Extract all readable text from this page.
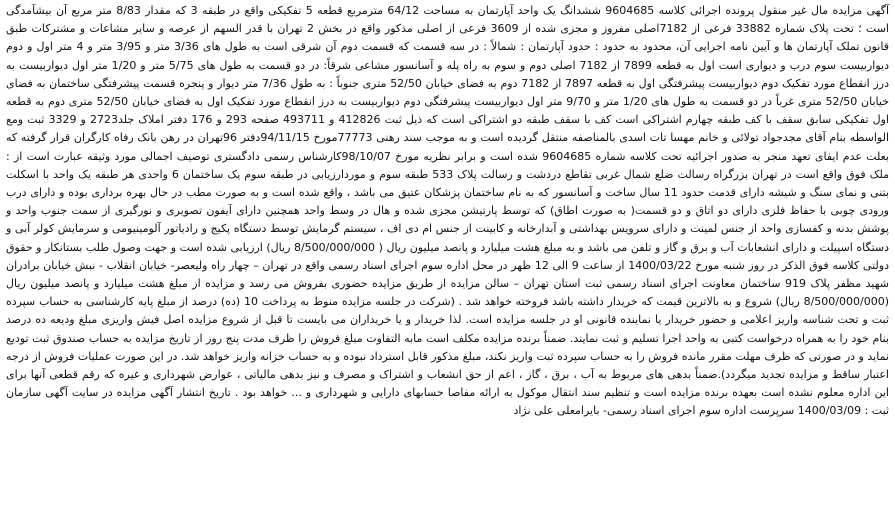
آگهی مزایده مال غیر منقول پرونده اجرائی کلاسه 9604685 ششدانگ یک واحد آپارتمان به مساحت 64/12 مترمربع قطعه 5 تفکیکی واقع در طبقه 3 که مقدار 8/83 متر مربع آن بیشآمدگی است ؛ تحت پلاک شماره 33882 فرعی از 7182اصلی مفروز و مجزی شده از 3609 فرعی از اصلی مذکور واقع در بخش 2 تهران با قدر السهم از عرصه و سایر مشاعات و مشترکات طبق قانون تملک آپارتمان ها و آیین نامه اجرایی آن، محدود به حدود : حدود آپارتمان : شمالاً : در سه قسمت که قسمت دوم آن شرقی است به طول های 3/36 متر و 3/95 متر و 4 متر اول و دوم دیواربیست سوم درب و دیواری است اول به قطعه 7899 از 7182 اصلی دوم و سوم به راه پله و آسانسور مشاعی شرقاً: در دو قسمت به طول های 5/75 متر و 1/20 متر اول دیواربیست به درز انقطاع مورد تفکیک دوم دیواربیست پیشرفتگی اول به قطعه 7897 از 7182 دوم به فضای خیابان 52/50 متری جنوباً : به طول 7/36 متر دیوار و پنجره قسمت پیشرفتگی ساختمان به فضای خیابان 52/50 متری غرباً در دو قسمت به طول های 1/20 متر و 9/70 متر اول دیواربیست پیشرفتگی دوم دیواربیست به درز انقطاع مورد تفکیک اول به فضای خیابان 52/50 متری دوم به قطعه اول تفکیکی سابق سقف با کف طبقه چهارم اشتراکی است کف با سقف طبقه دو اشتراکی است که ذیل ثبت 412826 و 493711 صفحه 293 و 176 دفتر املاک جلد2723 و 3329 ثبت ومع الواسطه بنام آقای مجدجواد تولائی و خانم مهسا تات اسدی بالمناصفه منتقل گردیده است و به موجب سند رهنی 77773مورخ 94/11/15دفتر 96تهران در رهن بانک رفاه کارگران قرار گرفته که بعلت عدم ایفای تعهد منجر به صدور اجرائیه تحت کلاسه شماره 9604685 شده است و برابر نظریه مورخ 98/10/07کارشناس رسمی دادگستری توصیف اجمالی مورد وثیقه عبارت است از : ملک فوق واقع است در تهران بزرگراه رسالت ضلع شمال غربی تقاطع دردشت و رسالت پلاک 533 طبقه سوم و موردارزیابی در طبقه سوم یک ساختمان 6 واحدی هر طبقه یک واحد با اسکلت بتنی و نمای سنگ و شیشه دارای قدمت حدود 11 سال ساخت و آسانسور که به نام ساختمان پزشکان عتیق می باشد ، واقع شده است و به صورت مطب در حال بهره برداری بوده و دارای درب ورودی چوبی با حفاظ فلزی دارای دو اتاق و دو قسمت( به صورت اطاق) که توسط پارتیشن مجزی شده و هال در وسط واحد همچنین دارای آیفون تصویری و نورگیری از سمت جنوب واحد و پوشش بدنه و کفسازی واحد از جنس لمینت و دارای سرویس بهداشتی و آبدارخانه و کابینت از جنس ام دی اف ، سیستم گرمایش توسط دستگاه پکیج و رادیاتور آلومینیومی و سرمایش کولر آبی و دستگاه اسپیلت و دارای انشعابات آب و برق و گاز و تلفن می باشد و به مبلغ هشت میلیارد و پانصد میلیون ریال ( 8/500/000/000 ریال) ارزیابی شده است و جهت وصول طلب بستانکار و حقوق دولتی کلاسه فوق الذکر در روز شنبه مورخ 1400/03/22 از ساعت 9 الی 12 ظهر در محل اداره سوم اجرای اسناد رسمی واقع در تهران – چهار راه ولیعصر- خیابان انقلاب - نبش خیابان برادران شهید مظفر پلاک 919 ساختمان معاونت اجرای اسناد رسمی ثبت استان تهران – سالن مزایده از طریق مزایده حضوری بفروش می رسد و مزایده از مبلغ هشت میلیارد و پانصد میلیون ریال (8/500/000/000 ریال) شروع و به بالاترین قیمت که خریدار داشته باشد فروخته خواهد شد . (شرکت در جلسه مزایده منوط به پرداخت 10 (ده) درصد از مبلغ پایه کارشناسی به حساب سپرده ثبت و تحت شناسه واریز اعلامی و حضور خریدار یا نماینده قانونی او در جلسه مزایده است. لذا خریدار و یا خریداران می بایست تا قبل از شروع مزایده اصل فیش واریزی مبلغ ودیعه ده درصد بنام خود را به همراه درخواست کتبی به واحد اجرا تسلیم و ثبت نمایند. ضمناً برنده مزایده مکلف است مابه التفاوت مبلغ فروش را ظرف مدت پنج روز از تاریخ مزایده به حساب صندوق ثبت تودیع نماید و در صورتی که ظرف مهلت مقرر مانده فروش را به حساب سپرده ثبت واریز نکند، مبلغ مذکور قابل استرداد نبوده و به حساب خزانه واریز خواهد شد. در این صورت عملیات فروش از درجه اعتبار ساقط و مزایده تجدید میگردد).ضمناً بدهی های مربوط به آب ، برق ، گاز ، اعم از حق انشعاب و اشتراک و مصرف و نیز بدهی مالیاتی ، عوارض شهرداری و غیره که رقم قطعی آنها برای این اداره معلوم نشده است بعهده برنده مزایده است و تنظیم سند انتقال موکول به ارائه مفاصا حسابهای دارایی و شهرداری و ... خواهد بود . تاریخ انتشار آگهی مزایده در سایت آگهی سازمان ثبت : 1400/03/09 سرپرست اداره سوم اجرای اسناد رسمی- بایرامعلی علی نژاد
